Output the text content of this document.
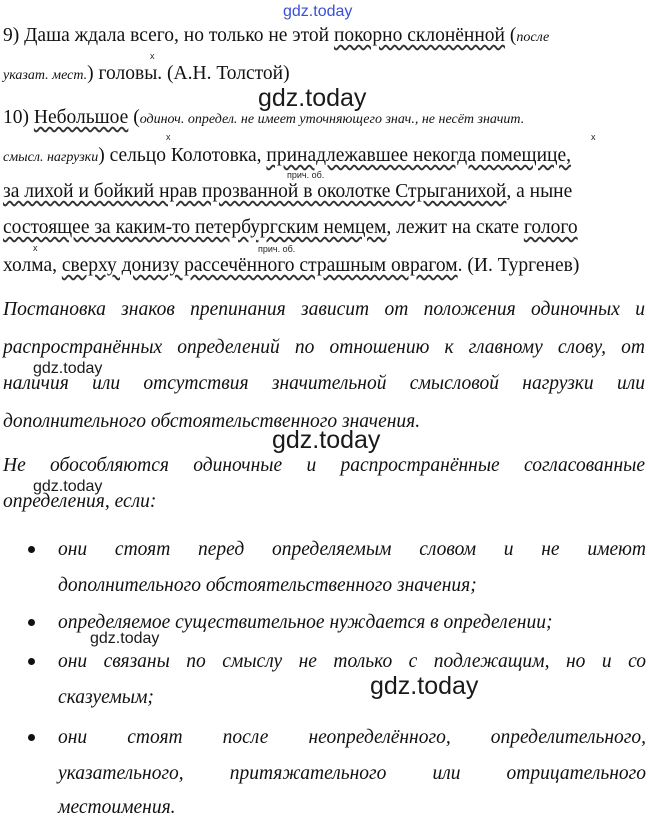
gdz.today
9) Даша ждала всего, но только не этой покорно склонённой (после
х
указат. мест.) головы. (А.Н. Толстой)
gdz.today
10) Небольшое (одиноч. определ. не имеет уточняющего знач., не несёт значит.
х	х
смысл. нагрузки) сельцо Колотовка, принадлежавшее некогда помещице,
прич. об.
за лихой и бойкий нрав прозванной в околотке Стрыганихой, а ныне
состоящее за каким-то петербургским немцем, лежит на скате голого
х	прич. об.
холма, сверху донизу рассечённого страшным оврагом. (И. Тургенев)
Постановка знаков препинания зависит от положения одиночных и
распространённых определений по отношению к главному слову, от
gdz.today
наличия или отсутствия значительной смысловой нагрузки или
дополнительного обстоятельственного значения.
gdz.today
Не обособляются одиночные и распространённые согласованные
gdz.today
определения, если:
они стоят перед определяемым словом и не имеют
дополнительного обстоятельственного значения;
определяемое существительное нуждается в определении;
gdz.today
они связаны по смыслу не только с подлежащим, но и со
сказуемым;	gdz.today
они стоят после неопределённого, определительного,
указательного, притяжательного или отрицательного
местоимения.
